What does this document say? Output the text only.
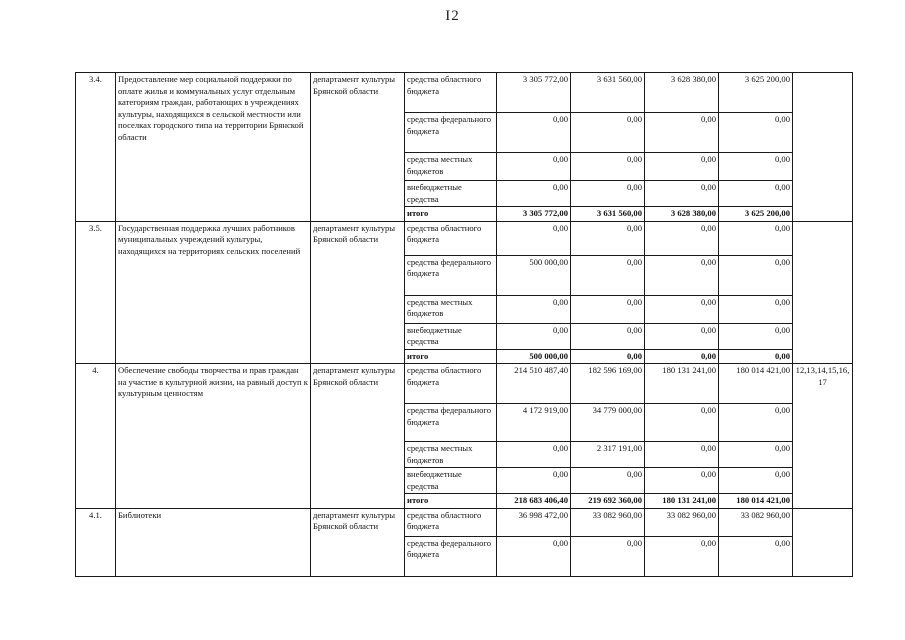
I2
3.4.	Предоставление мер социальной поддержки по оплате жилья и коммунальных услуг отдельным категориям граждан, работающих в учреждениях культуры, находящихся в сельской местности или поселках городского типа на территории Брянской области	департамент культуры Брянской области	средства областного бюджета	3 305 772,00	3 631 560,00	3 628 380,00	3 625 200,00	
			средства федерального бюджета	0,00	0,00	0,00	0,00	
			средства местных бюджетов	0,00	0,00	0,00	0,00	
			внебюджетные средства	0,00	0,00	0,00	0,00	
			итого	3 305 772,00	3 631 560,00	3 628 380,00	3 625 200,00	
3.5.	Государственная поддержка лучших работников муниципальных учреждений культуры, находящихся на территориях сельских поселений	департамент культуры Брянской области	средства областного бюджета	0,00	0,00	0,00	0,00	
			средства федерального бюджета	500 000,00	0,00	0,00	0,00	
			средства местных бюджетов	0,00	0,00	0,00	0,00	
			внебюджетные средства	0,00	0,00	0,00	0,00	
			итого	500 000,00	0,00	0,00	0,00	
4.	Обеспечение свободы творчества и прав граждан на участие в культурной жизни, на равный доступ к культурным ценностям	департамент культуры Брянской области	средства областного бюджета	214 510 487,40	182 596 169,00	180 131 241,00	180 014 421,00	12,13,14,15,16, 17
			средства федерального бюджета	4 172 919,00	34 779 000,00	0,00	0,00	
			средства местных бюджетов	0,00	2 317 191,00	0,00	0,00	
			внебюджетные средства	0,00	0,00	0,00	0,00	
			итого	218 683 406,40	219 692 360,00	180 131 241,00	180 014 421,00	
4.1.	Библиотеки	департамент культуры Брянской области	средства областного бюджета	36 998 472,00	33 082 960,00	33 082 960,00	33 082 960,00	
			средства федерального бюджета	0,00	0,00	0,00	0,00	
